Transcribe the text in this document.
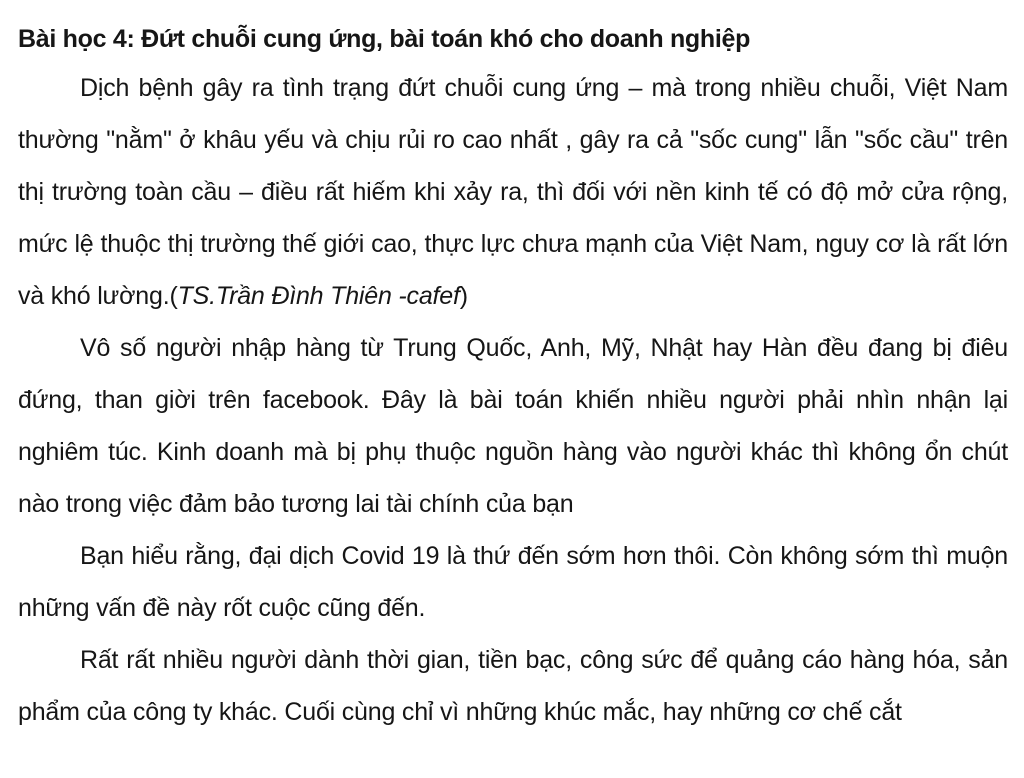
Bài học 4: Đứt chuỗi cung ứng, bài toán khó cho doanh nghiệp

Dịch bệnh gây ra tình trạng đứt chuỗi cung ứng – mà trong nhiều chuỗi, Việt Nam thường "nằm" ở khâu yếu và chịu rủi ro cao nhất , gây ra cả "sốc cung" lẫn "sốc cầu" trên thị trường toàn cầu – điều rất hiếm khi xảy ra, thì đối với nền kinh tế có độ mở cửa rộng, mức lệ thuộc thị trường thế giới cao, thực lực chưa mạnh của Việt Nam, nguy cơ là rất lớn và khó lường.(TS.Trần Đình Thiên -cafef)

Vô số người nhập hàng từ Trung Quốc, Anh, Mỹ, Nhật hay Hàn đều đang bị điêu đứng, than giời trên facebook. Đây là bài toán khiến nhiều người phải nhìn nhận lại nghiêm túc. Kinh doanh mà bị phụ thuộc nguồn hàng vào người khác thì không ổn chút nào trong việc đảm bảo tương lai tài chính của bạn

Bạn hiểu rằng, đại dịch Covid 19 là thứ đến sớm hơn thôi. Còn không sớm thì muộn những vấn đề này rốt cuộc cũng đến.

Rất rất nhiều người dành thời gian, tiền bạc, công sức để quảng cáo hàng hóa, sản phẩm của công ty khác. Cuối cùng chỉ vì những khúc mắc, hay những cơ chế cắt
